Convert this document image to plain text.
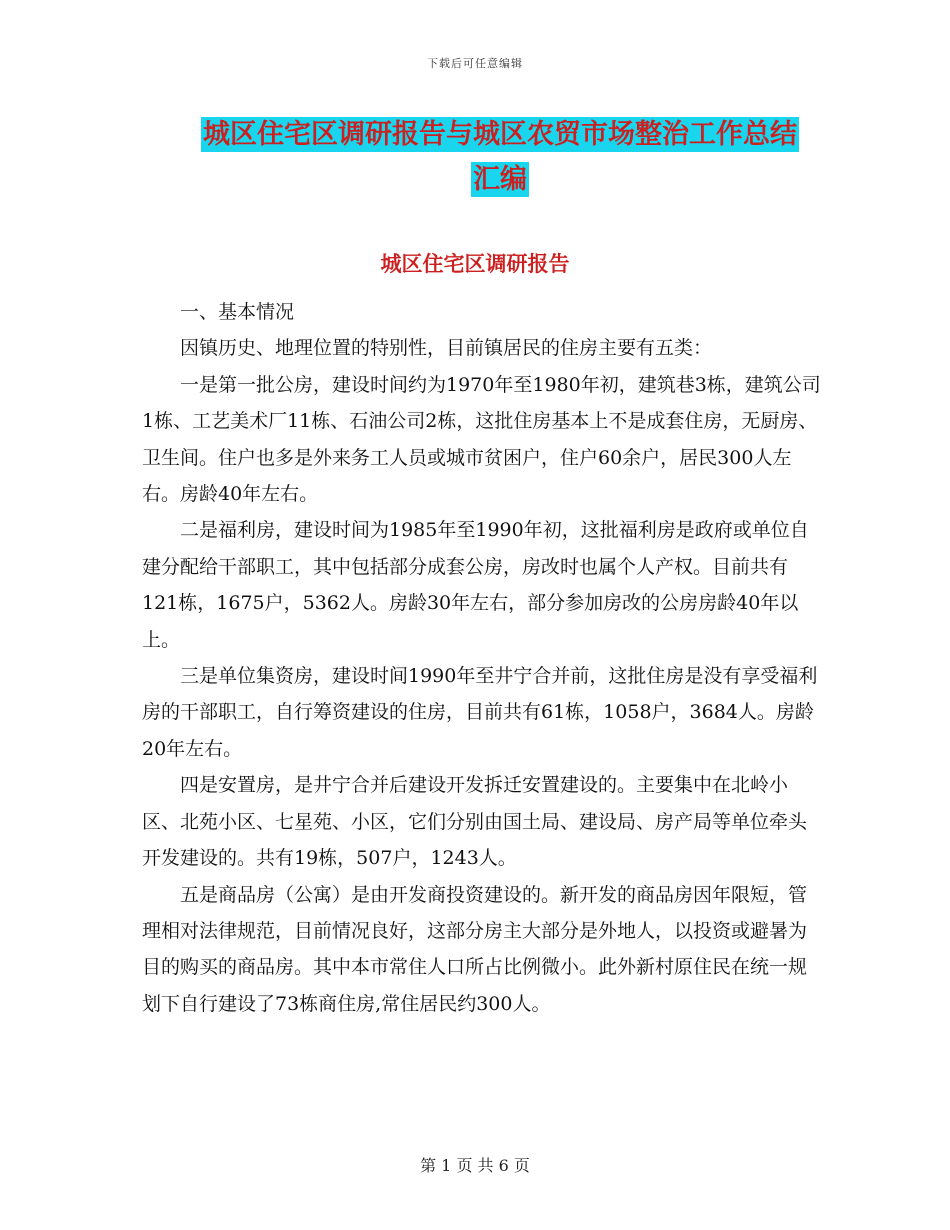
下载后可任意编辑
城区住宅区调研报告与城区农贸市场整治工作总结汇编
城区住宅区调研报告

一、基本情况

因镇历史、地理位置的特别性，目前镇居民的住房主要有五类：

一是第一批公房，建设时间约为1970年至1980年初，建筑巷3栋，建筑公司1栋、工艺美术厂11栋、石油公司2栋，这批住房基本上不是成套住房，无厨房、卫生间。住户也多是外来务工人员或城市贫困户，住户60余户，居民300人左右。房龄40年左右。

二是福利房，建设时间为1985年至1990年初，这批福利房是政府或单位自建分配给干部职工，其中包括部分成套公房，房改时也属个人产权。目前共有121栋，1675户，5362人。房龄30年左右，部分参加房改的公房房龄40年以上。

三是单位集资房，建设时间1990年至井宁合并前，这批住房是没有享受福利房的干部职工，自行筹资建设的住房，目前共有61栋，1058户，3684人。房龄20年左右。

四是安置房，是井宁合并后建设开发拆迁安置建设的。主要集中在北岭小区、北苑小区、七星苑、小区，它们分别由国土局、建设局、房产局等单位牵头开发建设的。共有19栋，507户，1243人。

五是商品房（公寓）是由开发商投资建设的。新开发的商品房因年限短，管理相对法律规范，目前情况良好，这部分房主大部分是外地人，以投资或避暑为目的购买的商品房。其中本市常住人口所占比例微小。此外新村原住民在统一规划下自行建设了73栋商住房,常住居民约300人。

第 1 页 共 6 页
